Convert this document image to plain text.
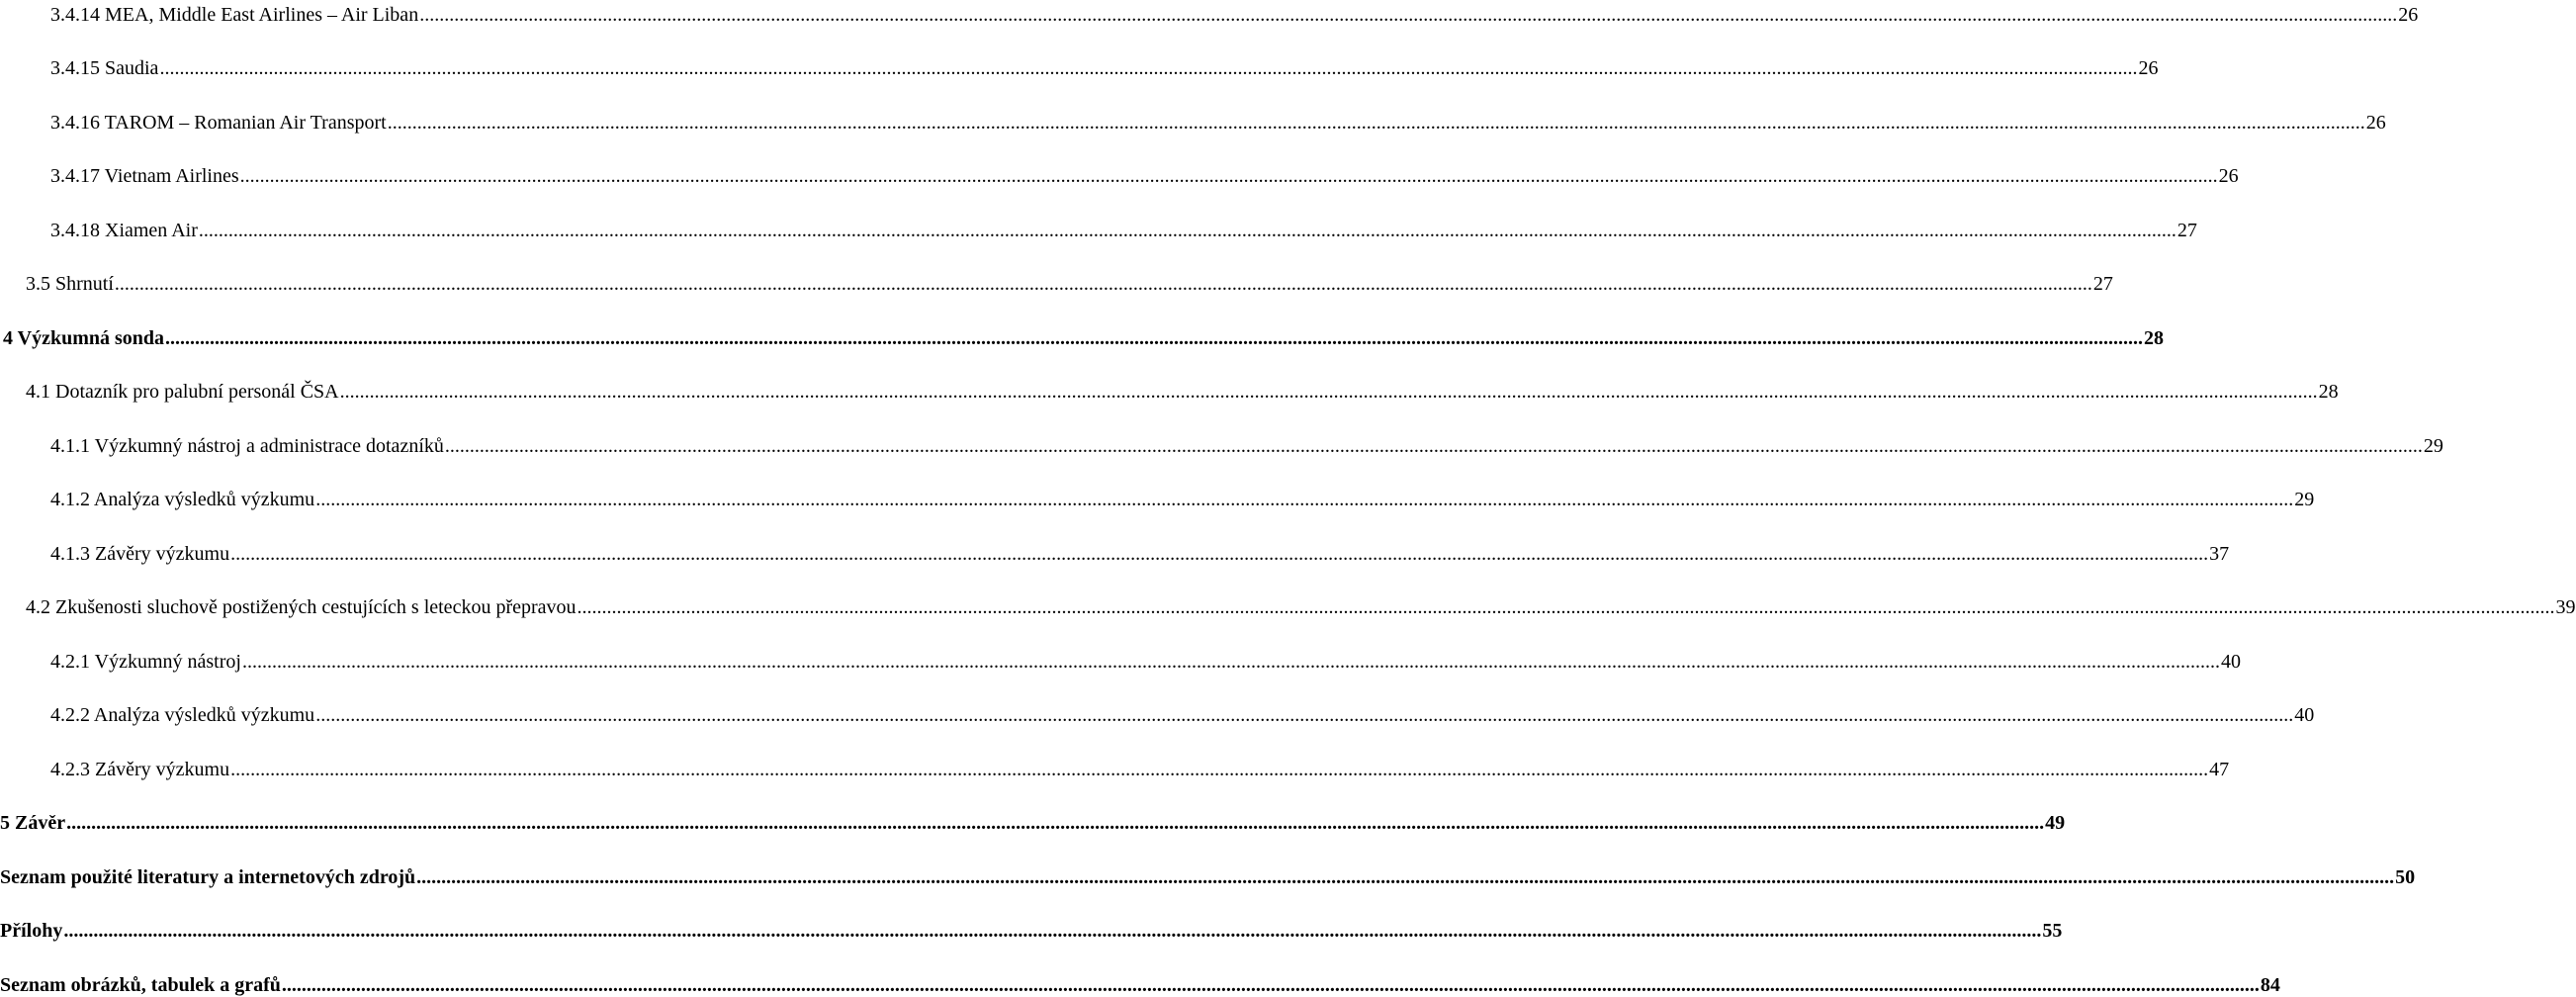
3.4.14 MEA, Middle East Airlines – Air Liban ................................................................................................................................................................................................................................................................................................................................................................................................................ 26
3.4.15 Saudia ................................................................................................................................................................................................................................................................................................................................................................................................................ 26
3.4.16 TAROM – Romanian Air Transport ................................................................................................................................................................................................................................................................................................................................................................................................................ 26
3.4.17 Vietnam Airlines ................................................................................................................................................................................................................................................................................................................................................................................................................ 26
3.4.18 Xiamen Air ................................................................................................................................................................................................................................................................................................................................................................................................................ 27
3.5 Shrnutí ................................................................................................................................................................................................................................................................................................................................................................................................................ 27
4 Výzkumná sonda ................................................................................................................................................................................................................................................................................................................................................................................................................ 28
4.1 Dotazník pro palubní personál ČSA ................................................................................................................................................................................................................................................................................................................................................................................................................ 28
4.1.1 Výzkumný nástroj a administrace dotazníků ................................................................................................................................................................................................................................................................................................................................................................................................................ 29
4.1.2 Analýza výsledků výzkumu ................................................................................................................................................................................................................................................................................................................................................................................................................ 29
4.1.3 Závěry výzkumu ................................................................................................................................................................................................................................................................................................................................................................................................................ 37
4.2 Zkušenosti sluchově postižených cestujících s leteckou přepravou ................................................................................................................................................................................................................................................................................................................................................................................................................ 39
4.2.1 Výzkumný nástroj ................................................................................................................................................................................................................................................................................................................................................................................................................ 40
4.2.2 Analýza výsledků výzkumu ................................................................................................................................................................................................................................................................................................................................................................................................................ 40
4.2.3 Závěry výzkumu ................................................................................................................................................................................................................................................................................................................................................................................................................ 47
5 Závěr ................................................................................................................................................................................................................................................................................................................................................................................................................ 49
Seznam použité literatury a internetových zdrojů ................................................................................................................................................................................................................................................................................................................................................................................................................ 50
Přílohy ................................................................................................................................................................................................................................................................................................................................................................................................................ 55
Seznam obrázků, tabulek a grafů ................................................................................................................................................................................................................................................................................................................................................................................................................ 84
